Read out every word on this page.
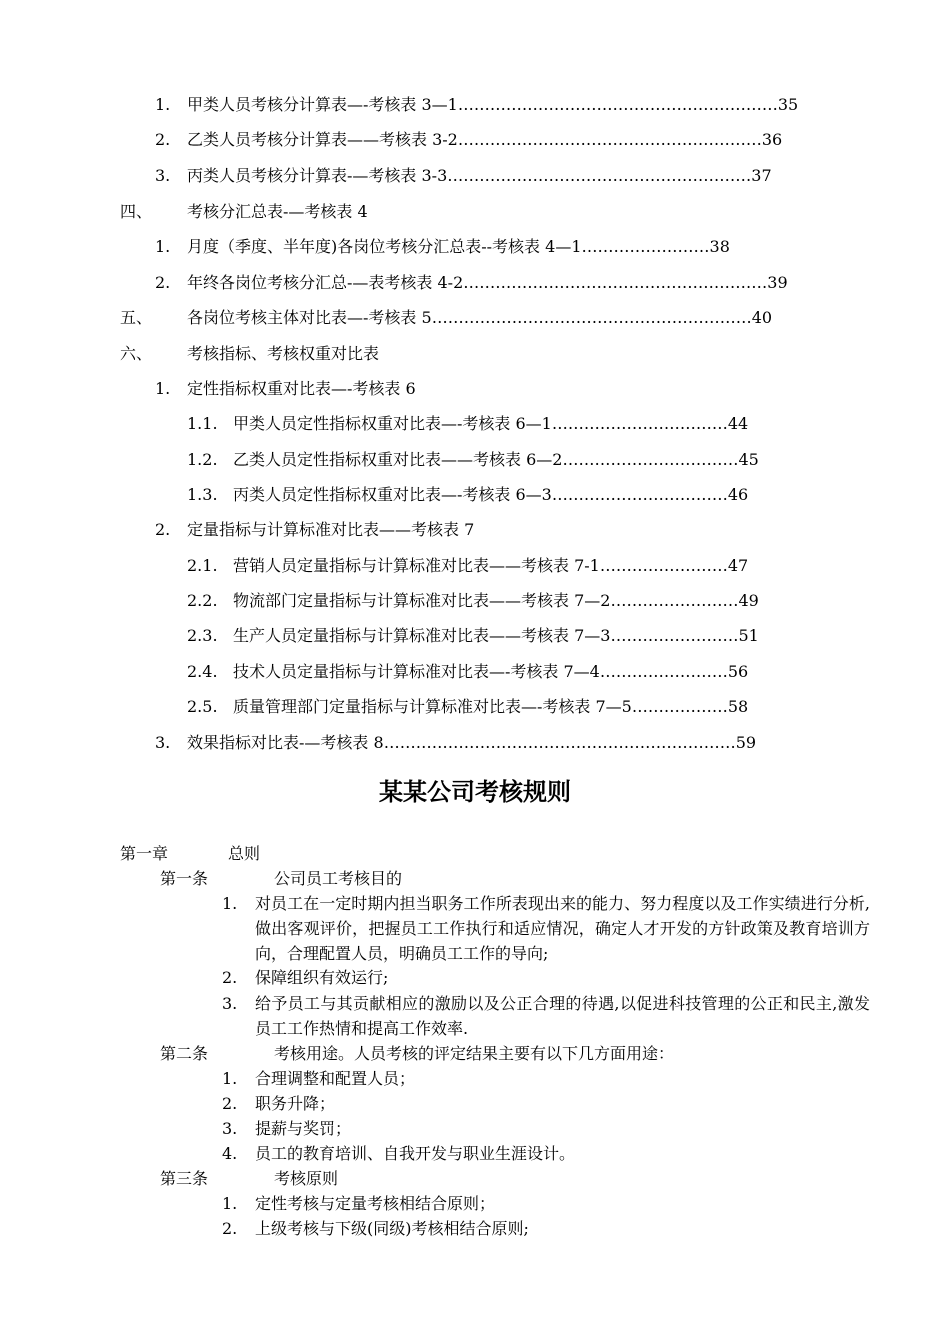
1.	甲类人员考核分计算表—-考核表 3—1 …………………………………………………… 35
2.	乙类人员考核分计算表——考核表 3-2 ………………………………………………… 36
3.	丙类人员考核分计算表-—考核表 3-3 ………………………………………………… 37
四、	考核分汇总表-—考核表 4
1.	月度（季度、半年度)各岗位考核分汇总表--考核表 4—1 …………………… 38
2.	年终各岗位考核分汇总-—表考核表 4-2 ………………………………………………… 39
五、	各岗位考核主体对比表—-考核表 5 …………………………………………………… 40
六、	考核指标、考核权重对比表
1.	定性指标权重对比表—-考核表 6
1.1. 甲类人员定性指标权重对比表—-考核表 6—1 …………………………… 44
1.2. 乙类人员定性指标权重对比表——考核表 6—2 …………………………… 45
1.3. 丙类人员定性指标权重对比表—-考核表 6—3 …………………………… 46
2.	定量指标与计算标准对比表——考核表 7
2.1. 营销人员定量指标与计算标准对比表——考核表 7-1 …………………… 47
2.2. 物流部门定量指标与计算标准对比表——考核表 7—2 …………………… 49
2.3. 生产人员定量指标与计算标准对比表——考核表 7—3 …………………… 51
2.4. 技术人员定量指标与计算标准对比表—-考核表 7—4 …………………… 56
2.5. 质量管理部门定量指标与计算标准对比表—-考核表 7—5 ……………… 58
3.	效果指标对比表-—考核表 8 ………………………………………………………… 59
某某公司考核规则
第一章	总则
第一条	公司员工考核目的
1. 对员工在一定时期内担当职务工作所表现出来的能力、努力程度以及工作实绩进行分析,做出客观评价，把握员工工作执行和适应情况，确定人才开发的方针政策及教育培训方向，合理配置人员，明确员工工作的导向;
2. 保障组织有效运行;
3. 给予员工与其贡献相应的激励以及公正合理的待遇,以促进科技管理的公正和民主,激发员工工作热情和提高工作效率.
第二条	考核用途。人员考核的评定结果主要有以下几方面用途：
1. 合理调整和配置人员；
2. 职务升降；
3. 提薪与奖罚；
4. 员工的教育培训、自我开发与职业生涯设计。
第三条	考核原则
1. 定性考核与定量考核相结合原则；
2. 上级考核与下级(同级)考核相结合原则;
